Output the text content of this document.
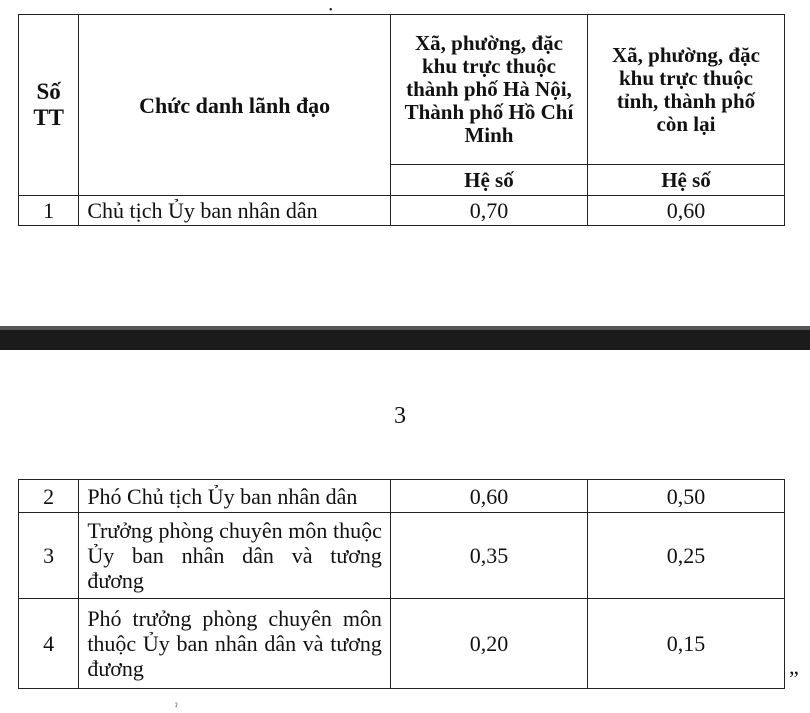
•
Số TT	Chức danh lãnh đạo	Xã, phường, đặc khu trực thuộc thành phố Hà Nội, Thành phố Hồ Chí Minh	Xã, phường, đặc khu trực thuộc tỉnh, thành phố còn lại
		Hệ số	Hệ số
1	Chủ tịch Ủy ban nhân dân	0,70	0,60
3
2	Phó Chủ tịch Ủy ban nhân dân	0,60	0,50
3	Trưởng phòng chuyên môn thuộc Ủy ban nhân dân và tương đương	0,35	0,25
4	Phó trưởng phòng chuyên môn thuộc Ủy ban nhân dân và tương đương	0,20	0,15
”
ˀ
